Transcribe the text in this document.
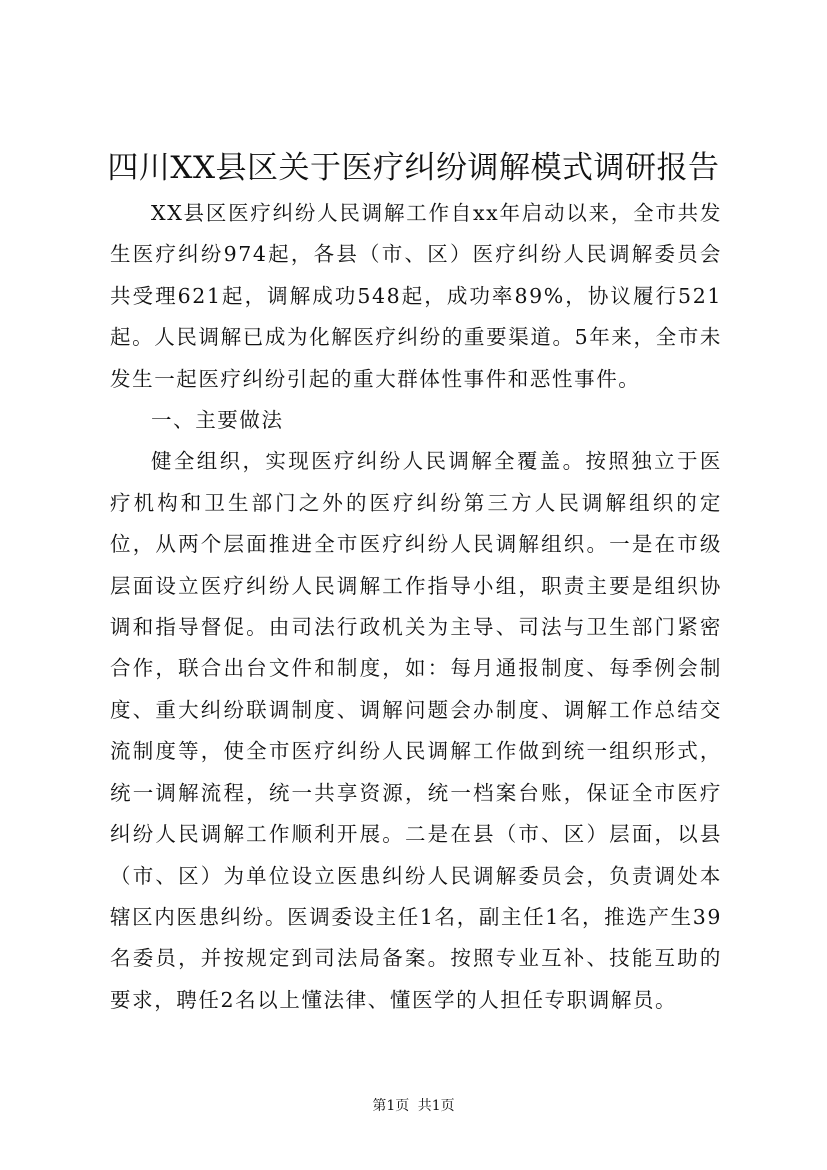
四川XX县区关于医疗纠纷调解模式调研报告

XX县区医疗纠纷人民调解工作自xx年启动以来，全市共发生医疗纠纷974起，各县（市、区）医疗纠纷人民调解委员会共受理621起，调解成功548起，成功率89%，协议履行521起。人民调解已成为化解医疗纠纷的重要渠道。5年来，全市未发生一起医疗纠纷引起的重大群体性事件和恶性事件。

一、主要做法

健全组织，实现医疗纠纷人民调解全覆盖。按照独立于医疗机构和卫生部门之外的医疗纠纷第三方人民调解组织的定位，从两个层面推进全市医疗纠纷人民调解组织。一是在市级层面设立医疗纠纷人民调解工作指导小组，职责主要是组织协调和指导督促。由司法行政机关为主导、司法与卫生部门紧密合作，联合出台文件和制度，如：每月通报制度、每季例会制度、重大纠纷联调制度、调解问题会办制度、调解工作总结交流制度等，使全市医疗纠纷人民调解工作做到统一组织形式，统一调解流程，统一共享资源，统一档案台账，保证全市医疗纠纷人民调解工作顺利开展。二是在县（市、区）层面，以县（市、区）为单位设立医患纠纷人民调解委员会，负责调处本辖区内医患纠纷。医调委设主任1名，副主任1名，推选产生39名委员，并按规定到司法局备案。按照专业互补、技能互助的要求，聘任2名以上懂法律、懂医学的人担任专职调解员。

第1页 共1页
